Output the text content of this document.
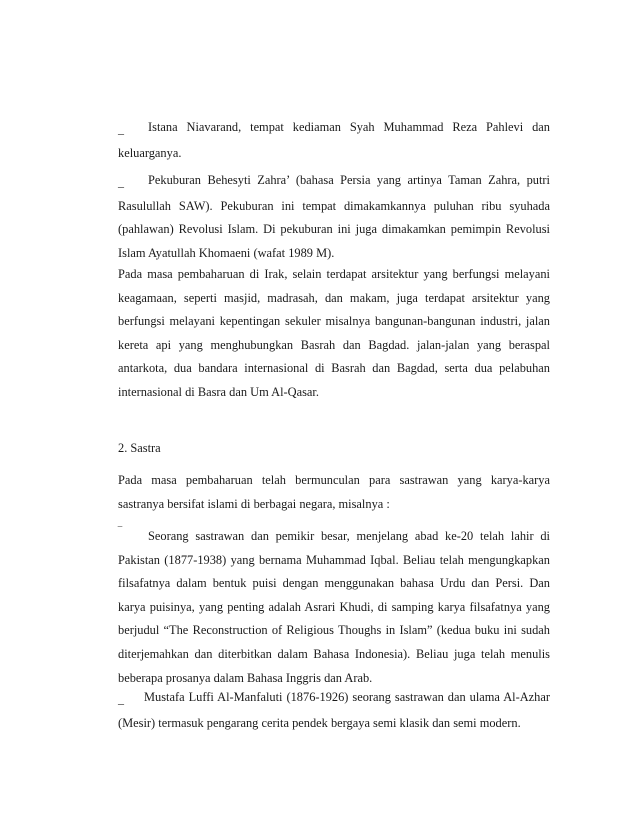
_ Istana Niavarand, tempat kediaman Syah Muhammad Reza Pahlevi dan
keluarganya.
_ Pekuburan Behesyti Zahra’ (bahasa Persia yang artinya Taman Zahra, putri
Rasulullah SAW). Pekuburan ini tempat dimakamkannya puluhan ribu syuhada
(pahlawan) Revolusi Islam. Di pekuburan ini juga dimakamkan pemimpin Revolusi
Islam Ayatullah Khomaeni (wafat 1989 M).
Pada masa pembaharuan di Irak, selain terdapat arsitektur yang berfungsi melayani
keagamaan, seperti masjid, madrasah, dan makam, juga terdapat arsitektur yang
berfungsi melayani kepentingan sekuler misalnya bangunan-bangunan industri, jalan
kereta api yang menghubungkan Basrah dan Bagdad. jalan-jalan yang beraspal
antarkota, dua bandara internasional di Basrah dan Bagdad, serta dua pelabuhan
internasional di Basra dan Um Al-Qasar.
2. Sastra
Pada masa pembaharuan telah bermunculan para sastrawan yang karya-karya
sastranya bersifat islami di berbagai negara, misalnya :
‾ Seorang sastrawan dan pemikir besar, menjelang abad ke-20 telah lahir di
Pakistan (1877-1938) yang bernama Muhammad Iqbal. Beliau telah mengungkapkan
filsafatnya dalam bentuk puisi dengan menggunakan bahasa Urdu dan Persi. Dan
karya puisinya, yang penting adalah Asrari Khudi, di samping karya filsafatnya yang
berjudul “The Reconstruction of Religious Thoughs in Islam” (kedua buku ini sudah
diterjemahkan dan diterbitkan dalam Bahasa Indonesia). Beliau juga telah menulis
beberapa prosanya dalam Bahasa Inggris dan Arab.
_ Mustafa Luffi Al-Manfaluti (1876-1926) seorang sastrawan dan ulama Al-Azhar
(Mesir) termasuk pengarang cerita pendek bergaya semi klasik dan semi modern.
